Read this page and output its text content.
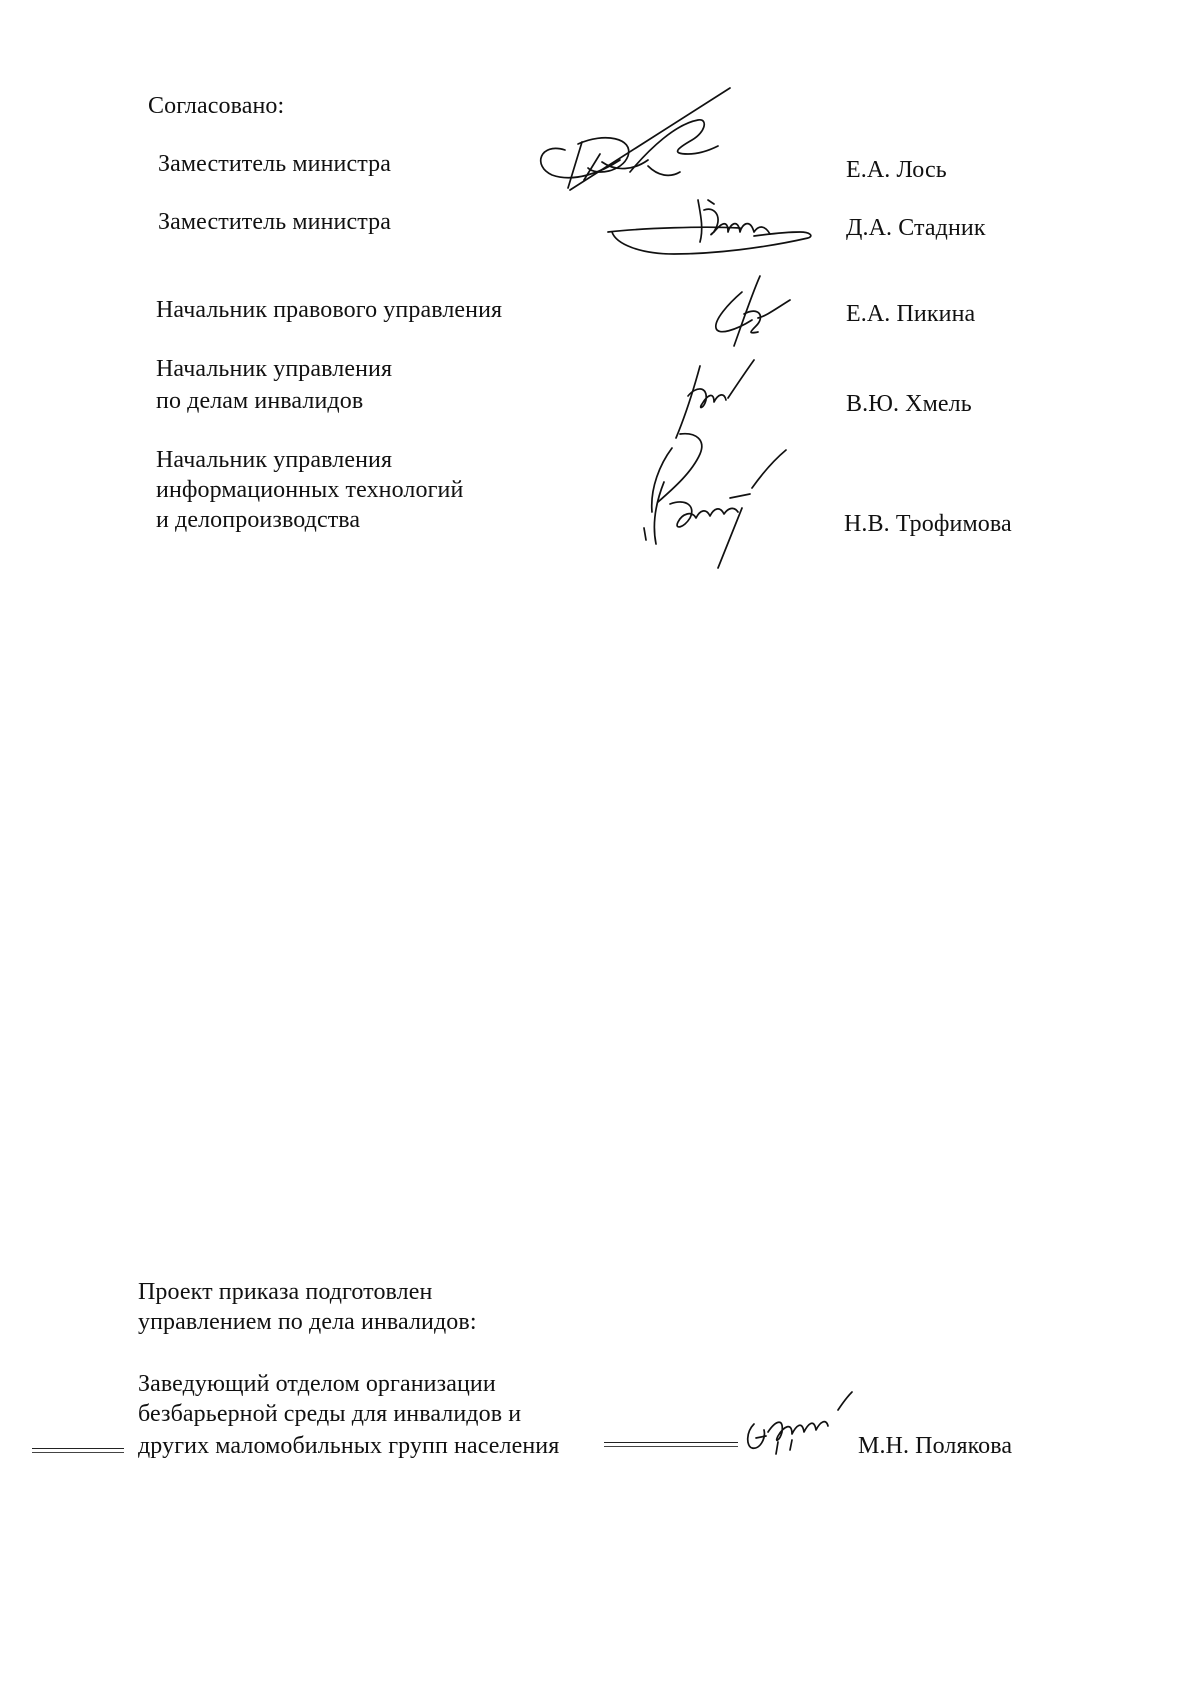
Согласовано:
Заместитель министра	Е.А. Лось
Заместитель министра	Д.А. Стадник
Начальник правового управления	Е.А. Пикина
Начальник управления
по делам инвалидов	В.Ю. Хмель
Начальник управления
информационных технологий
и делопроизводства	Н.В. Трофимова
Проект приказа подготовлен
управлением по дела инвалидов:
Заведующий отделом организации
безбарьерной среды для инвалидов и
других маломобильных групп населения	М.Н. Полякова
